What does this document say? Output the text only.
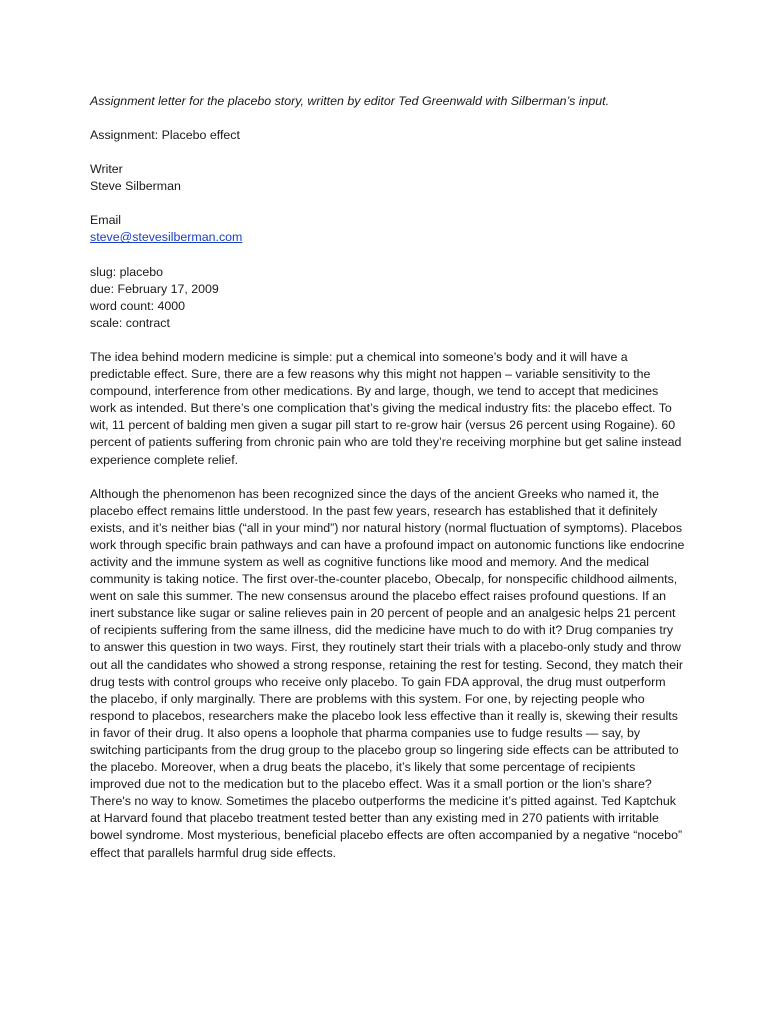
Assignment letter for the placebo story, written by editor Ted Greenwald with Silberman’s input.

Assignment: Placebo effect

Writer
Steve Silberman
Email
steve@stevesilberman.com
slug: placebo
due: February 17, 2009
word count: 4000
scale: contract

The idea behind modern medicine is simple: put a chemical into someone’s body and it will have a predictable effect. Sure, there are a few reasons why this might not happen – variable sensitivity to the compound, interference from other medications. By and large, though, we tend to accept that medicines work as intended. But there’s one complication that’s giving the medical industry fits: the placebo effect. To wit, 11 percent of balding men given a sugar pill start to re-grow hair (versus 26 percent using Rogaine). 60 percent of patients suffering from chronic pain who are told they’re receiving morphine but get saline instead experience complete relief.

Although the phenomenon has been recognized since the days of the ancient Greeks who named it, the placebo effect remains little understood. In the past few years, research has established that it definitely exists, and it’s neither bias (“all in your mind”) nor natural history (normal fluctuation of symptoms). Placebos work through specific brain pathways and can have a profound impact on autonomic functions like endocrine activity and the immune system as well as cognitive functions like mood and memory. And the medical community is taking notice. The first over-the-counter placebo, Obecalp, for nonspecific childhood ailments, went on sale this summer. The new consensus around the placebo effect raises profound questions. If an inert substance like sugar or saline relieves pain in 20 percent of people and an analgesic helps 21 percent of recipients suffering from the same illness, did the medicine have much to do with it? Drug companies try to answer this question in two ways. First, they routinely start their trials with a placebo-only study and throw out all the candidates who showed a strong response, retaining the rest for testing. Second, they match their drug tests with control groups who receive only placebo. To gain FDA approval, the drug must outperform the placebo, if only marginally. There are problems with this system. For one, by rejecting people who respond to placebos, researchers make the placebo look less effective than it really is, skewing their results in favor of their drug. It also opens a loophole that pharma companies use to fudge results — say, by switching participants from the drug group to the placebo group so lingering side effects can be attributed to the placebo. Moreover, when a drug beats the placebo, it’s likely that some percentage of recipients improved due not to the medication but to the placebo effect. Was it a small portion or the lion’s share? There's no way to know. Sometimes the placebo outperforms the medicine it’s pitted against. Ted Kaptchuk at Harvard found that placebo treatment tested better than any existing med in 270 patients with irritable bowel syndrome. Most mysterious, beneficial placebo effects are often accompanied by a negative “nocebo” effect that parallels harmful drug side effects.
